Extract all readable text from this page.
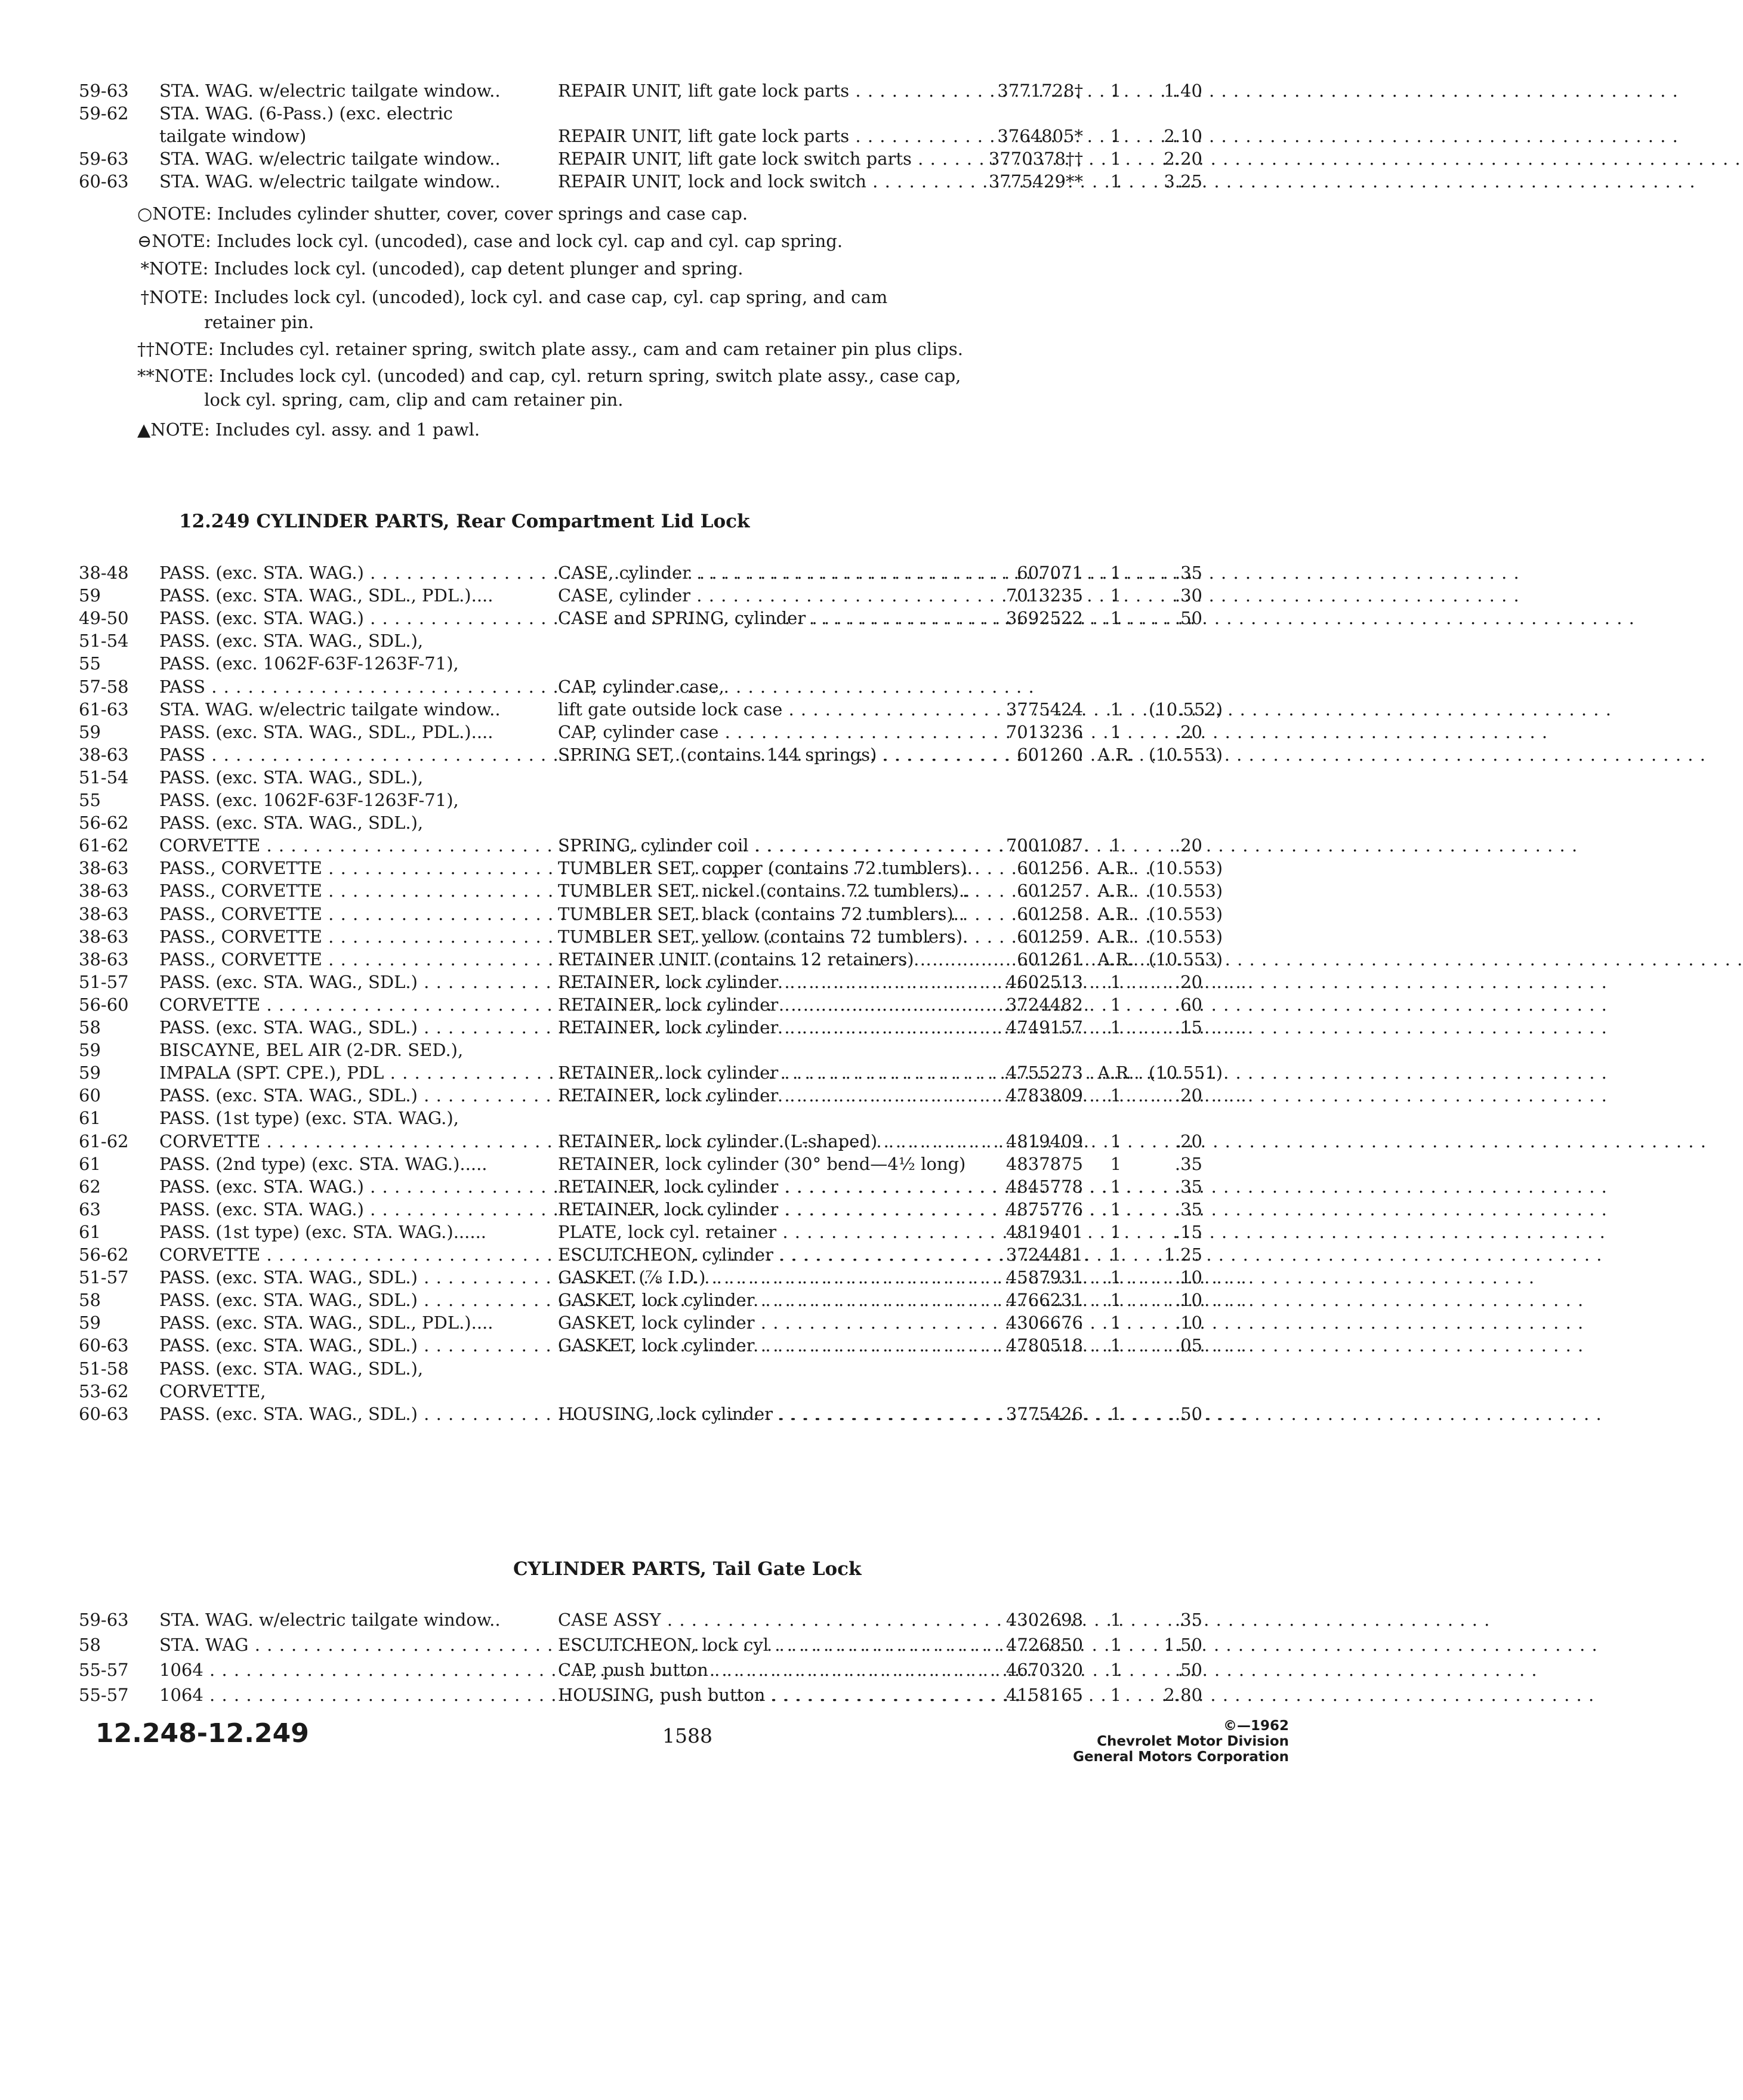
59-63	STA. WAG. w/electric tailgate window..	REPAIR UNIT, lift gate lock parts . . .	3771728†	1	1.40
59-62	STA. WAG. (6-Pass.) (exc. electric
tailgate window)	REPAIR UNIT, lift gate lock parts . . .	3764805*	1	2.10
59-63	STA. WAG. w/electric tailgate window..	REPAIR UNIT, lift gate lock switch parts . . .	3770378††	1	2.20
60-63	STA. WAG. w/electric tailgate window..	REPAIR UNIT, lock and lock switch . . .	3775429**	1	3.25
○NOTE: Includes cylinder shutter, cover, cover springs and case cap.
⊖NOTE: Includes lock cyl. (uncoded), case and lock cyl. cap and cyl. cap spring.
*NOTE: Includes lock cyl. (uncoded), cap detent plunger and spring.
†NOTE: Includes lock cyl. (uncoded), lock cyl. and case cap, cyl. cap spring, and cam
retainer pin.
††NOTE: Includes cyl. retainer spring, switch plate assy., cam and cam retainer pin plus clips.
**NOTE: Includes lock cyl. (uncoded) and cap, cyl. return spring, switch plate assy., case cap,
lock cyl. spring, cam, clip and cam retainer pin.
▲NOTE: Includes cyl. assy. and 1 pawl.
12.249 CYLINDER PARTS, Rear Compartment Lid Lock
38-48	PASS. (exc. STA. WAG.) . . .	CASE, cylinder . . .	607071	1	.35
59	PASS. (exc. STA. WAG., SDL., PDL.)....	CASE, cylinder . . .	7013235	1	.30
49-50	PASS. (exc. STA. WAG.) . . .	CASE and SPRING, cylinder . . .	3692522	1	.50
51-54	PASS. (exc. STA. WAG., SDL.),
55	PASS. (exc. 1062F-63F-1263F-71),
57-58	PASS . . .	CAP, cylinder case,
61-63	STA. WAG. w/electric tailgate window..	lift gate outside lock case . . .	3775424	1	(10.552)
59	PASS. (exc. STA. WAG., SDL., PDL.)....	CAP, cylinder case . . .	7013236	1	.20
38-63	PASS . . .	SPRING SET, (contains 144 springs) . . .	601260 A.R. (10.553)
51-54	PASS. (exc. STA. WAG., SDL.),
55	PASS. (exc. 1062F-63F-1263F-71),
56-62	PASS. (exc. STA. WAG., SDL.),
61-62	CORVETTE . . .	SPRING, cylinder coil . . .	7001087	1	.20
38-63	PASS., CORVETTE . . .	TUMBLER SET, copper (contains 72 tumblers).	601256 A.R. (10.553)
38-63	PASS., CORVETTE . . .	TUMBLER SET, nickel (contains 72 tumblers)..	601257 A.R. (10.553)
38-63	PASS., CORVETTE . . .	TUMBLER SET, black (contains 72 tumblers)..	601258 A.R. (10.553)
38-63	PASS., CORVETTE . . .	TUMBLER SET, yellow (contains 72 tumblers).	601259 A.R. (10.553)
38-63	PASS., CORVETTE . . .	RETAINER UNIT (contains 12 retainers) . . .	601261 A.R. (10.553)
51-57	PASS. (exc. STA. WAG., SDL.) . . .	RETAINER, lock cylinder . . .	4602513	1	.20
56-60	CORVETTE . . .	RETAINER, lock cylinder . . .	3724482	1	.60
58	PASS. (exc. STA. WAG., SDL.) . . .	RETAINER, lock cylinder . . .	4749157	1	.15
59	BISCAYNE, BEL AIR (2-DR. SED.),
59	IMPALA (SPT. CPE.), PDL . . .	RETAINER, lock cylinder . . .	4755273 A.R. (10.551)
60	PASS. (exc. STA. WAG., SDL.) . . .	RETAINER, lock cylinder . . .	4783809	1	.20
61	PASS. (1st type) (exc. STA. WAG.),
61-62	CORVETTE . . .	RETAINER, lock cylinder (L-shaped) . . .	4819409	1	.20
61	PASS. (2nd type) (exc. STA. WAG.).....	RETAINER, lock cylinder (30° bend—4½ long)	4837875	1	.35
62	PASS. (exc. STA. WAG.) . . .	RETAINER, lock cylinder . . .	4845778	1	.35
63	PASS. (exc. STA. WAG.) . . .	RETAINER, lock cylinder . . .	4875776	1	.35
61	PASS. (1st type) (exc. STA. WAG.)......	PLATE, lock cyl. retainer . . .	4819401	1	.15
56-62	CORVETTE . . .	ESCUTCHEON, cylinder . . .	3724481	1	1.25
51-57	PASS. (exc. STA. WAG., SDL.) . . .	GASKET (⅞ I.D.) . . .	4587931	1	.10
58	PASS. (exc. STA. WAG., SDL.) . . .	GASKET, lock cylinder . . .	4766231	1	.10
59	PASS. (exc. STA. WAG., SDL., PDL.)....	GASKET, lock cylinder . . .	4306676	1	.10
60-63	PASS. (exc. STA. WAG., SDL.) . . .	GASKET, lock cylinder . . .	4780518	1	.05
51-58	PASS. (exc. STA. WAG., SDL.),
53-62	CORVETTE,
60-63	PASS. (exc. STA. WAG., SDL.) . . .	HOUSING, lock cylinder . . .	3775426	1	.50
CYLINDER PARTS, Tail Gate Lock
59-63	STA. WAG. w/electric tailgate window..	CASE ASSY . . .	4302698	1	.35
58	STA. WAG . . .	ESCUTCHEON, lock cyl . . .	4726850	1	1.50
55-57	1064 . . .	CAP, push button . . .	4670320	1	.50
55-57	1064 . . .	HOUSING, push button . . .	4158165	1	2.80
12.248-12.249	1588	©—1962
Chevrolet Motor Division
General Motors Corporation
